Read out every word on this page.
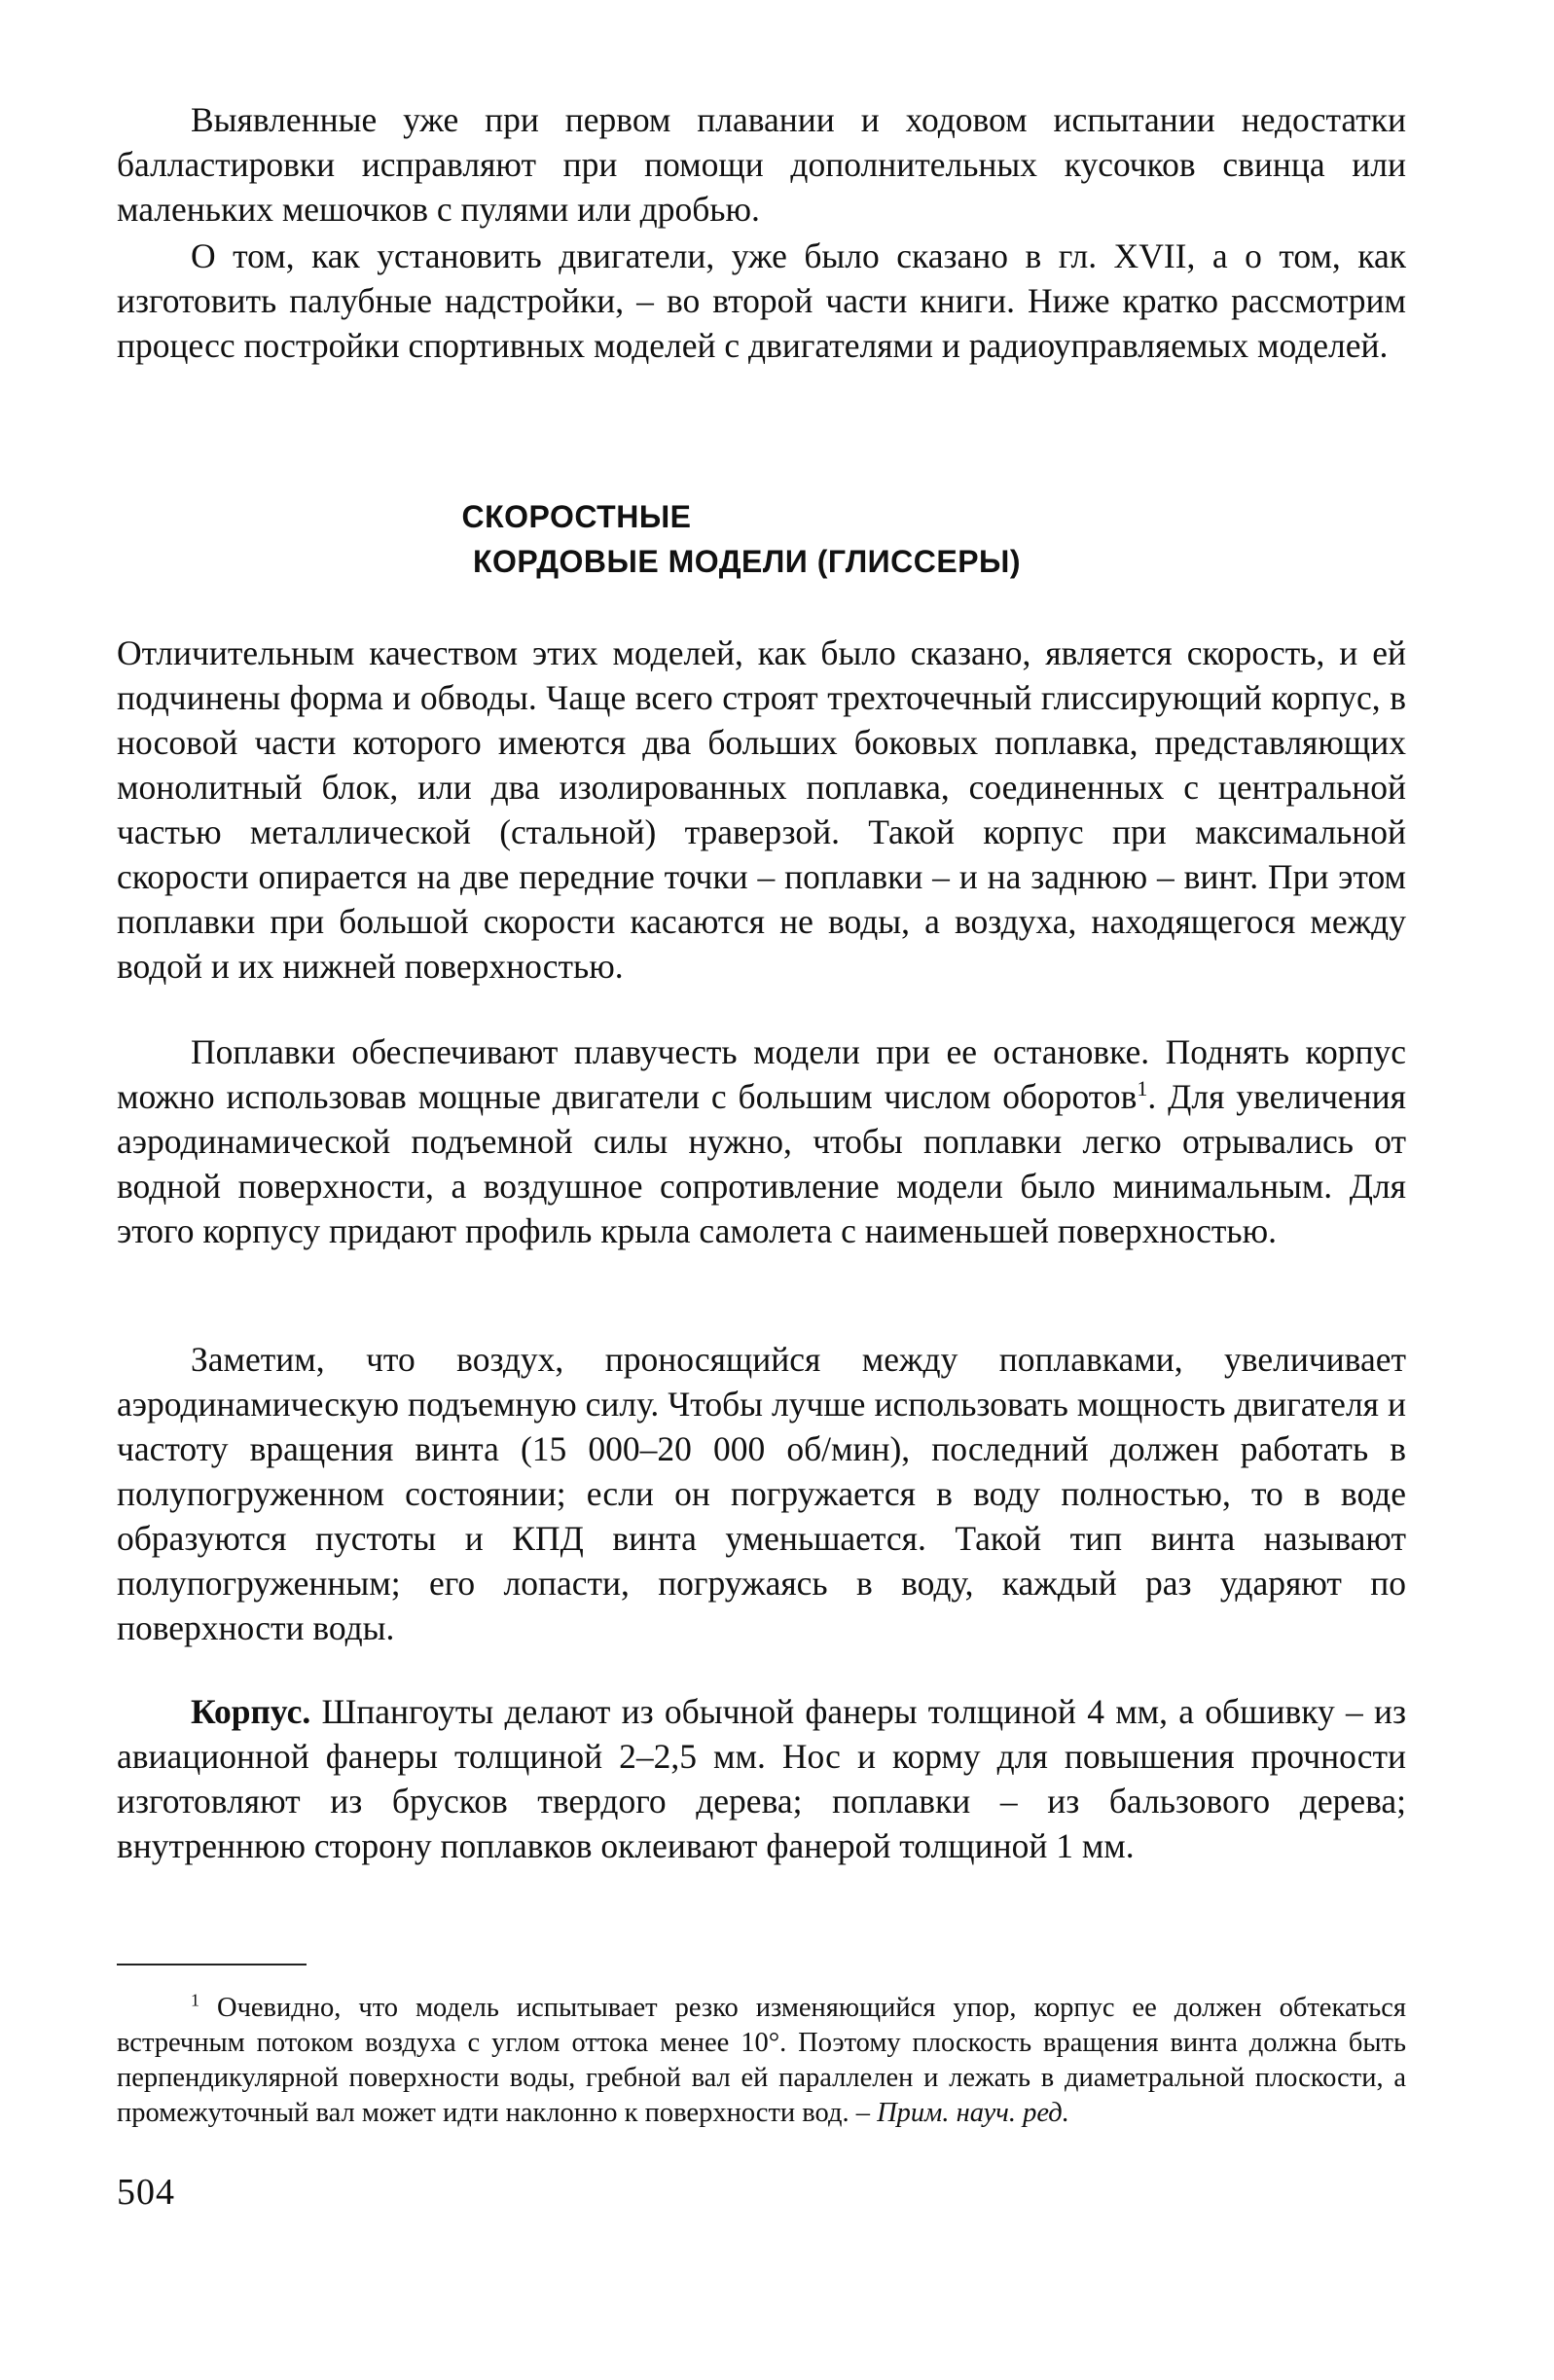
Выявленные уже при первом плавании и ходовом испытании недостатки балластировки исправляют при помощи дополнительных кусочков свинца или маленьких мешочков с пулями или дробью.

О том, как установить двигатели, уже было сказано в гл. XVII, а о том, как изготовить палубные надстройки, – во второй части книги. Ниже кратко рассмотрим процесс постройки спортивных моделей с двигателями и радиоуправляемых моделей.

СКОРОСТНЫЕ
КОРДОВЫЕ МОДЕЛИ (ГЛИССЕРЫ)

Отличительным качеством этих моделей, как было сказано, является скорость, и ей подчинены форма и обводы. Чаще всего строят трехточечный глиссирующий корпус, в носовой части которого имеются два больших боковых поплавка, представляющих монолитный блок, или два изолированных поплавка, соединенных с центральной частью металлической (стальной) траверзой. Такой корпус при максимальной скорости опирается на две передние точки – поплавки – и на заднюю – винт. При этом поплавки при большой скорости касаются не воды, а воздуха, находящегося между водой и их нижней поверхностью.

Поплавки обеспечивают плавучесть модели при ее остановке. Поднять корпус можно использовав мощные двигатели с большим числом оборотов$^1$. Для увеличения аэродинамической подъемной силы нужно, чтобы поплавки легко отрывались от водной поверхности, а воздушное сопротивление модели было минимальным. Для этого корпусу придают профиль крыла самолета с наименьшей поверхностью.

Заметим, что воздух, проносящийся между поплавками, увеличивает аэродинамическую подъемную силу. Чтобы лучше использовать мощность двигателя и частоту вращения винта (15 000–20 000 об/мин), последний должен работать в полупогруженном состоянии; если он погружается в воду полностью, то в воде образуются пустоты и КПД винта уменьшается. Такой тип винта называют полупогруженным; его лопасти, погружаясь в воду, каждый раз ударяют по поверхности воды.

Корпус. Шпангоуты делают из обычной фанеры толщиной 4 мм, а обшивку – из авиационной фанеры толщиной 2–2,5 мм. Нос и корму для повышения прочности изготовляют из брусков твердого дерева; поплавки – из бальзового дерева; внутреннюю сторону поплавков оклеивают фанерой толщиной 1 мм.

$^1$ Очевидно, что модель испытывает резко изменяющийся упор, корпус ее должен обтекаться встречным потоком воздуха с углом оттока менее 10°. Поэтому плоскость вращения винта должна быть перпендикулярной поверхности воды, гребной вал ей параллелен и лежать в диаметральной плоскости, а промежуточный вал может идти наклонно к поверхности вод. – Прим. науч. ред.

504
